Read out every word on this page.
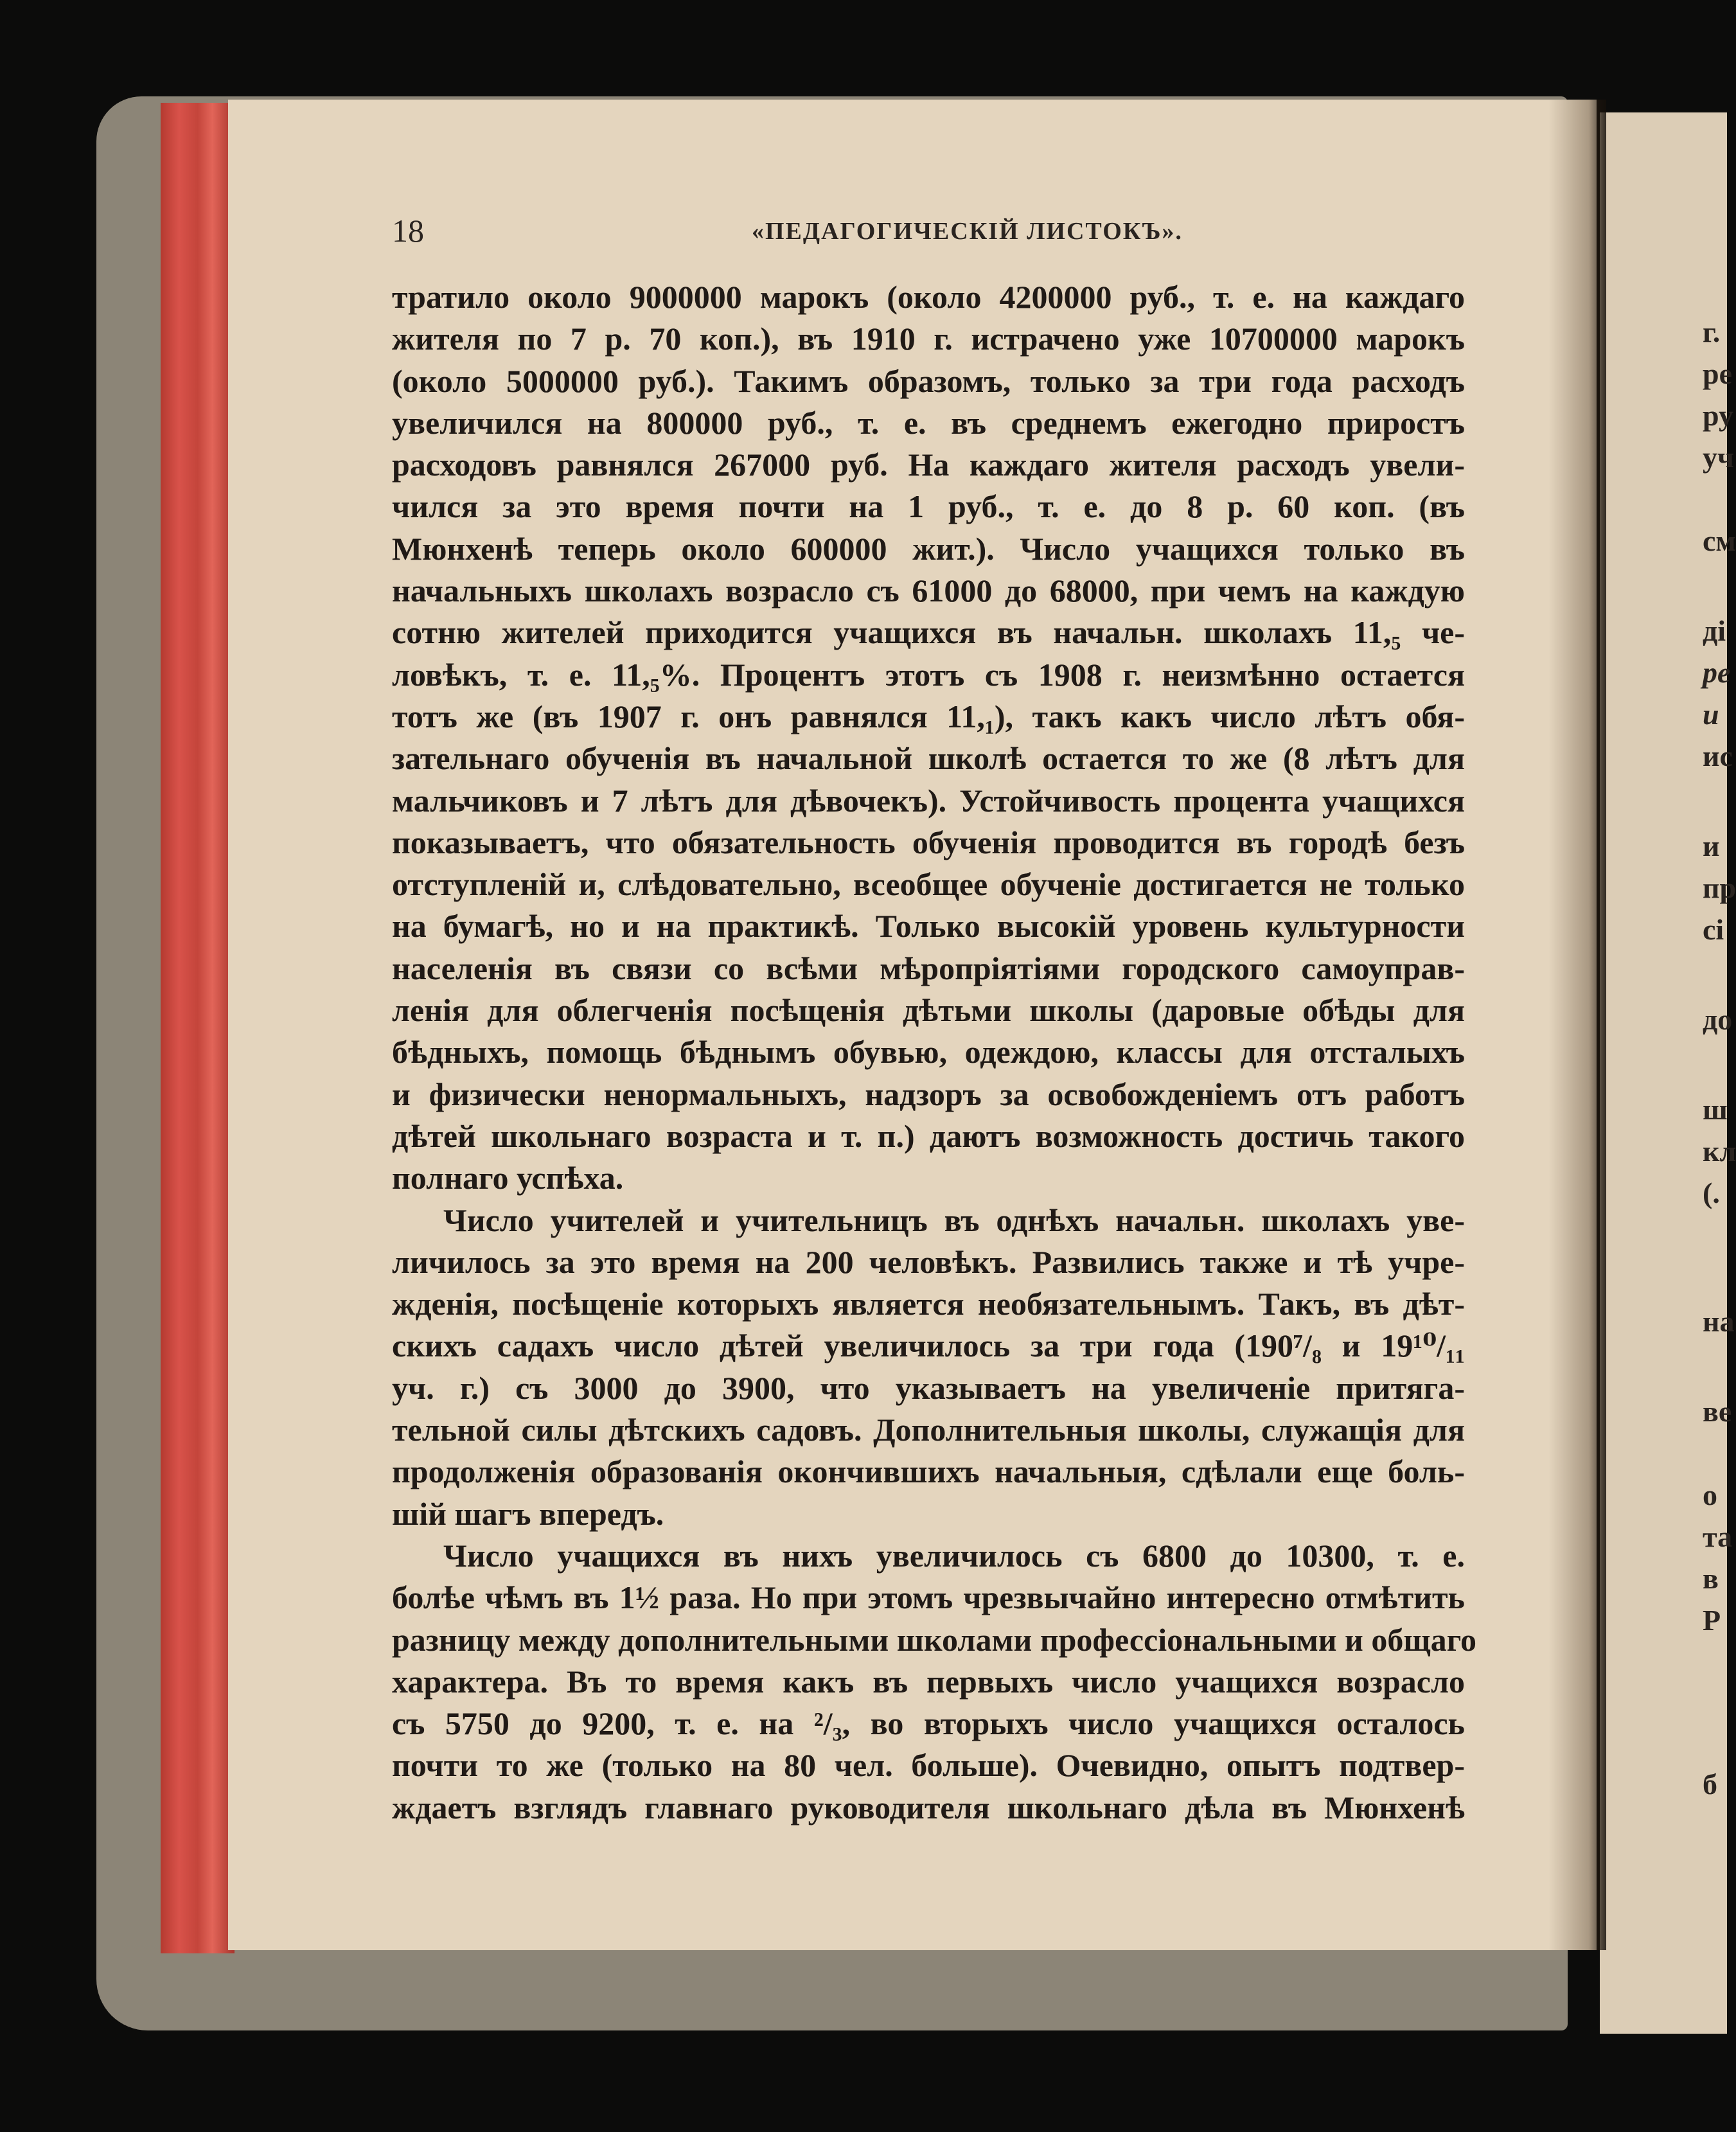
18	«ПЕДАГОГИЧЕСКІЙ ЛИСТОКЪ».
тратило около 9000000 марокъ (около 4200000 руб., т. е. на каждаго
жителя по 7 р. 70 коп.), въ 1910 г. истрачено уже 10700000 марокъ
(около 5000000 руб.). Такимъ образомъ, только за три года расходъ
увеличился на 800000 руб., т. е. въ среднемъ ежегодно приростъ
расходовъ равнялся 267000 руб. На каждаго жителя расходъ увели-
чился за это время почти на 1 руб., т. е. до 8 р. 60 коп. (въ
Мюнхенѣ теперь около 600000 жит.). Число учащихся только въ
начальныхъ школахъ возрасло съ 61000 до 68000, при чемъ на каждую
сотню жителей приходится учащихся въ начальн. школахъ 11,₅ че-
ловѣкъ, т. е. 11,₅%. Процентъ этотъ съ 1908 г. неизмѣнно остается
тотъ же (въ 1907 г. онъ равнялся 11,₁), такъ какъ число лѣтъ обя-
зательнаго обученія въ начальной школѣ остается то же (8 лѣтъ для
мальчиковъ и 7 лѣтъ для дѣвочекъ). Устойчивость процента учащихся
показываетъ, что обязательность обученія проводится въ городѣ безъ
отступленій и, слѣдовательно, всеобщее обученіе достигается не только
на бумагѣ, но и на практикѣ. Только высокій уровень культурности
населенія въ связи со всѣми мѣропріятіями городского самоуправ-
ленія для облегченія посѣщенія дѣтьми школы (даровые обѣды для
бѣдныхъ, помощь бѣднымъ обувью, одеждою, классы для отсталыхъ
и физически ненормальныхъ, надзоръ за освобожденіемъ отъ работъ
дѣтей школьнаго возраста и т. п.) даютъ возможность достичь такого
полнаго успѣха.
Число учителей и учительницъ въ однѣхъ начальн. школахъ уве-
личилось за это время на 200 человѣкъ. Развились также и тѣ учре-
жденія, посѣщеніе которыхъ является необязательнымъ. Такъ, въ дѣт-
скихъ садахъ число дѣтей увеличилось за три года (190⁷/₈ и 19¹⁰/₁₁
уч. г.) съ 3000 до 3900, что указываетъ на увеличеніе притяга-
тельной силы дѣтскихъ садовъ. Дополнительныя школы, служащія для
продолженія образованія окончившихъ начальныя, сдѣлали еще боль-
шій шагъ впередъ.
Число учащихся въ нихъ увеличилось съ 6800 до 10300, т. е.
болѣе чѣмъ въ 1½ раза. Но при этомъ чрезвычайно интересно отмѣтить
разницу между дополнительными школами профессіональными и общаго
характера. Въ то время какъ въ первыхъ число учащихся возрасло
съ 5750 до 9200, т. е. на ²/₃, во вторыхъ число учащихся осталось
почти то же (только на 80 чел. больше). Очевидно, опытъ подтвер-
ждаетъ взглядъ главнаго руководителя школьнаго дѣла въ Мюнхенѣ
г.
ре
ру
уч
см
ді
ре
и
ис
и
пр
сі
до
ш
кл
(.
на
ве
о
та
в
Р
б
